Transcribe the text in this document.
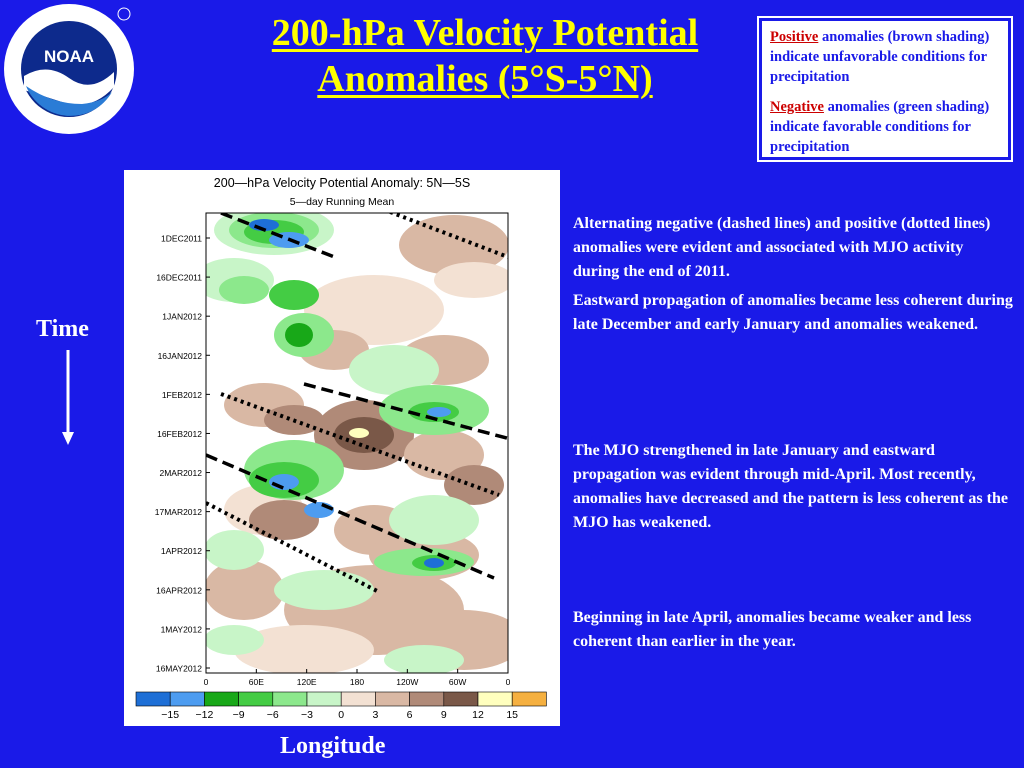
NOAA
200-hPa Velocity Potential
Anomalies (5°S-5°N)

Positive anomalies (brown shading) indicate unfavorable conditions for precipitation

Negative anomalies (green shading) indicate favorable conditions for precipitation

200—hPa Velocity Potential Anomaly: 5N—5S
5—day Running Mean
1DEC2011
16DEC2011
1JAN2012
16JAN2012
1FEB2012
16FEB2012
2MAR2012
17MAR2012
1APR2012
16APR2012
1MAY2012
16MAY2012
0	60E	120E	180	120W	60W	0
−15 −12 −9 −6 −3 0	3	6	9 12 15

Alternating negative (dashed lines) and positive (dotted lines) anomalies were evident and associated with MJO activity during the end of 2011.

Eastward propagation of anomalies became less coherent during late December and early January and anomalies weakened.

The MJO strengthened in late January and eastward propagation was evident through mid-April. Most recently, anomalies have decreased and the pattern is less coherent as the MJO has weakened.

Beginning in late April, anomalies became weaker and less coherent than earlier in the year.

Time
Longitude
